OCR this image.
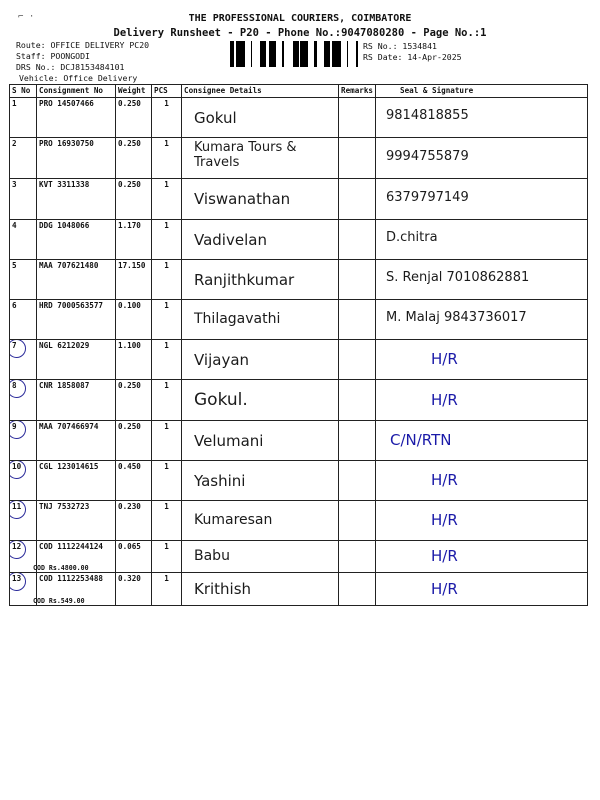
⌐ ·	THE PROFESSIONAL COURIERS, COIMBATORE
Delivery Runsheet - P20 - Phone No.:9047080280 - Page No.:1
Route: OFFICE DELIVERY PC20
Staff: POONGODI
DRS No.: DCJ8153484101
Vehicle: Office Delivery
RS No.: 1534841
RS Date: 14-Apr-2025
S No	Consignment No	Weight	PCS	Consignee Details	Remarks	Seal & Signature
1	PRO 14507466	0.250	1	Gokul		9814818855

2	PRO 16930750	0.250	1	Kumara Tours & Travels		9994755879

3	KVT 3311338	0.250	1	Viswanathan		6379797149

4	DDG 1048066	1.170	1	Vadivelan		D.chitra

5	MAA 707621480	17.150	1	Ranjithkumar		S. Renjal 7010862881

6	HRD 7000563577	0.100	1	Thilagavathi		M. Malaj 9843736017

7	NGL 6212029	1.100	1	Vijayan		H/R

8	CNR 1858087	0.250	1	Gokul.		H/R

9	MAA 707466974	0.250	1	Velumani		C/N/RTN

10	CGL 123014615	0.450	1	Yashini		H/R

11	TNJ 7532723	0.230	1	Kumaresan		H/R

12	COD 1112244124
COD Rs.4800.00	0.065	1	Babu		H/R

13	COD 1112253488
COD Rs.549.00	0.320	1	Krithish		H/R
